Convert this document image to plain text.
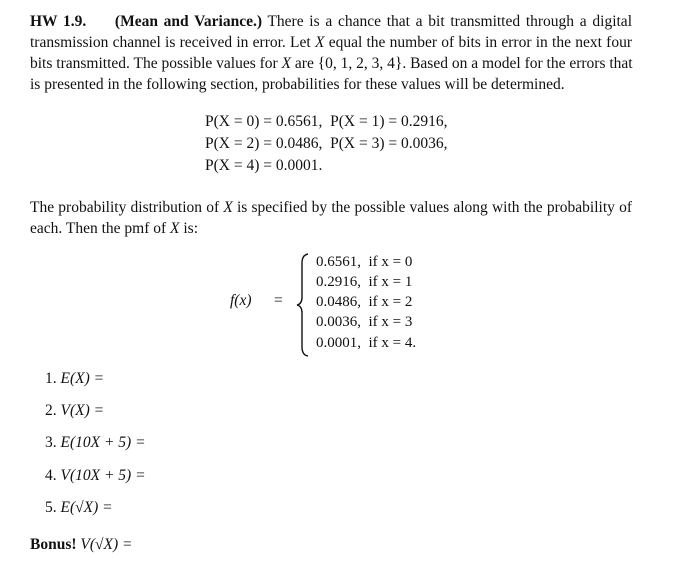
HW 1.9. (Mean and Variance.) There is a chance that a bit transmitted through a digital
transmission channel is received in error. Let X equal the number of bits in error in the next four
bits transmitted. The possible values for X are {0, 1, 2, 3, 4}. Based on a model for the errors that
is presented in the following section, probabilities for these values will be determined.
P(X = 0) = 0.6561,  P(X = 1) = 0.2916,
P(X = 2) = 0.0486,  P(X = 3) = 0.0036,
P(X = 4) = 0.0001.
The probability distribution of X is specified by the possible values along with the probability of
each. Then the pmf of X is:
f(x) =
0.6561,  if x = 0
0.2916,  if x = 1
0.0486,  if x = 2
0.0036,  if x = 3
0.0001,  if x = 4.
1. E(X) =
2. V(X) =
3. E(10X + 5) =
4. V(10X + 5) =
5. E(√X) =
Bonus! V(√X) =
